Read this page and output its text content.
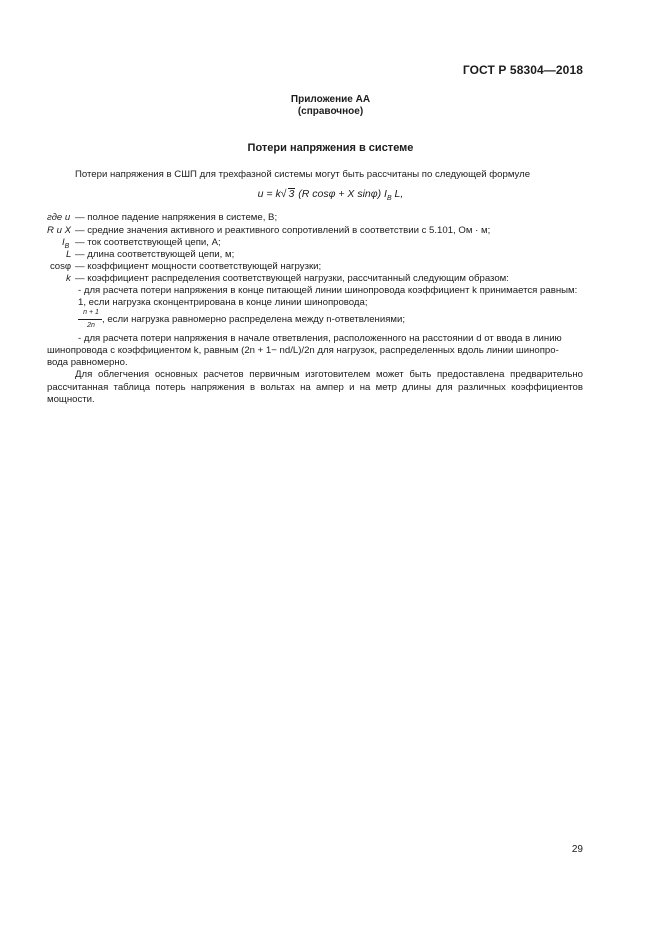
ГОСТ Р 58304—2018
Приложение АА
(справочное)
Потери напряжения в системе
Потери напряжения в СШП для трехфазной системы могут быть рассчитаны по следующей формуле
u = k√ 3 (R cosφ + X sinφ) $I_B$ L,
где u — полное падение напряжения в системе, В;
R и X — средние значения активного и реактивного сопротивлений в соответствии с 5.101, Ом · м;
$I_B$ — ток соответствующей цепи, А;
L — длина соответствующей цепи, м;
cosφ — коэффициент мощности соответствующей нагрузки;
k — коэффициент распределения соответствующей нагрузки, рассчитанный следующим образом:
- для расчета потери напряжения в конце питающей линии шинопровода коэффициент k принимается равным:
1, если нагрузка сконцентрирована в конце линии шинопровода;
n + 1
2n
, если нагрузка равномерно распределена между n-ответвлениями;
- для расчета потери напряжения в начале ответвления, расположенного на расстоянии d от ввода в линию
шинопровода с коэффициентом k, равным (2n + 1− nd/L)/2n для нагрузок, распределенных вдоль линии шинопро-
вода равномерно.
Для облегчения основных расчетов первичным изготовителем может быть предоставлена предварительно рассчитанная таблица потерь напряжения в вольтах на ампер и на метр длины для различных коэффициентов мощности.
29
